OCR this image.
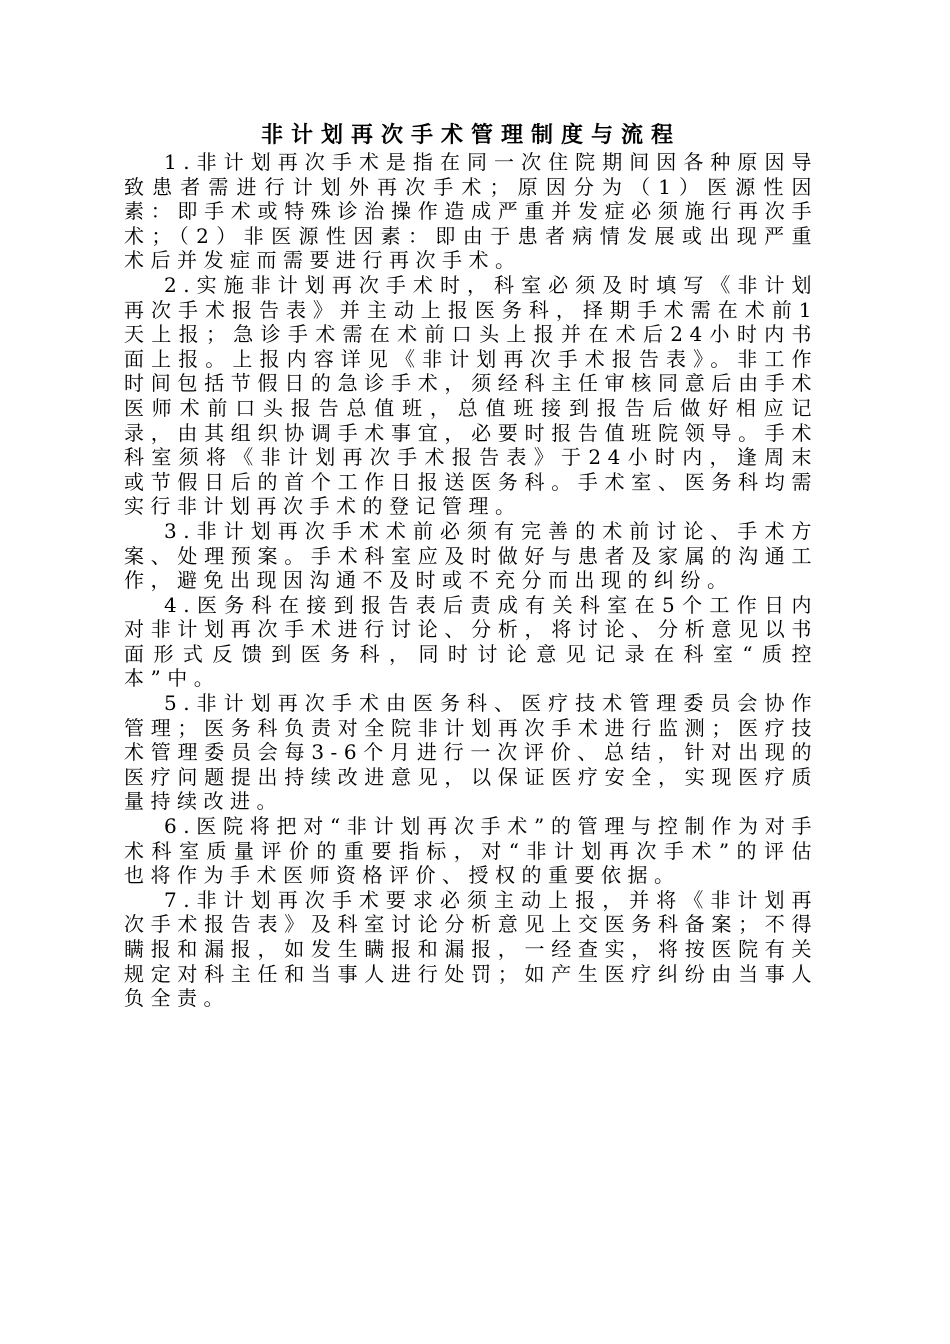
非计划再次手术管理制度与流程

1.非计划再次手术是指在同一次住院期间因各种原因导致患者需进行计划外再次手术；原因分为（1）医源性因素：即手术或特殊诊治操作造成严重并发症必须施行再次手术；（2）非医源性因素：即由于患者病情发展或出现严重术后并发症而需要进行再次手术。

2.实施非计划再次手术时，科室必须及时填写《非计划再次手术报告表》并主动上报医务科，择期手术需在术前1天上报；急诊手术需在术前口头上报并在术后24小时内书面上报。上报内容详见《非计划再次手术报告表》。非工作时间包括节假日的急诊手术，须经科主任审核同意后由手术医师术前口头报告总值班，总值班接到报告后做好相应记录，由其组织协调手术事宜，必要时报告值班院领导。手术科室须将《非计划再次手术报告表》于24小时内，逢周末或节假日后的首个工作日报送医务科。手术室、医务科均需实行非计划再次手术的登记管理。

3.非计划再次手术术前必须有完善的术前讨论、手术方案、处理预案。手术科室应及时做好与患者及家属的沟通工作，避免出现因沟通不及时或不充分而出现的纠纷。

4.医务科在接到报告表后责成有关科室在5个工作日内对非计划再次手术进行讨论、分析，将讨论、分析意见以书面形式反馈到医务科，同时讨论意见记录在科室“质控本”中。

5.非计划再次手术由医务科、医疗技术管理委员会协作管理；医务科负责对全院非计划再次手术进行监测；医疗技术管理委员会每3-6个月进行一次评价、总结，针对出现的医疗问题提出持续改进意见，以保证医疗安全，实现医疗质量持续改进。

6.医院将把对“非计划再次手术”的管理与控制作为对手术科室质量评价的重要指标，对“非计划再次手术”的评估也将作为手术医师资格评价、授权的重要依据。

7.非计划再次手术要求必须主动上报，并将《非计划再次手术报告表》及科室讨论分析意见上交医务科备案；不得瞒报和漏报，如发生瞒报和漏报，一经查实，将按医院有关规定对科主任和当事人进行处罚；如产生医疗纠纷由当事人负全责。
